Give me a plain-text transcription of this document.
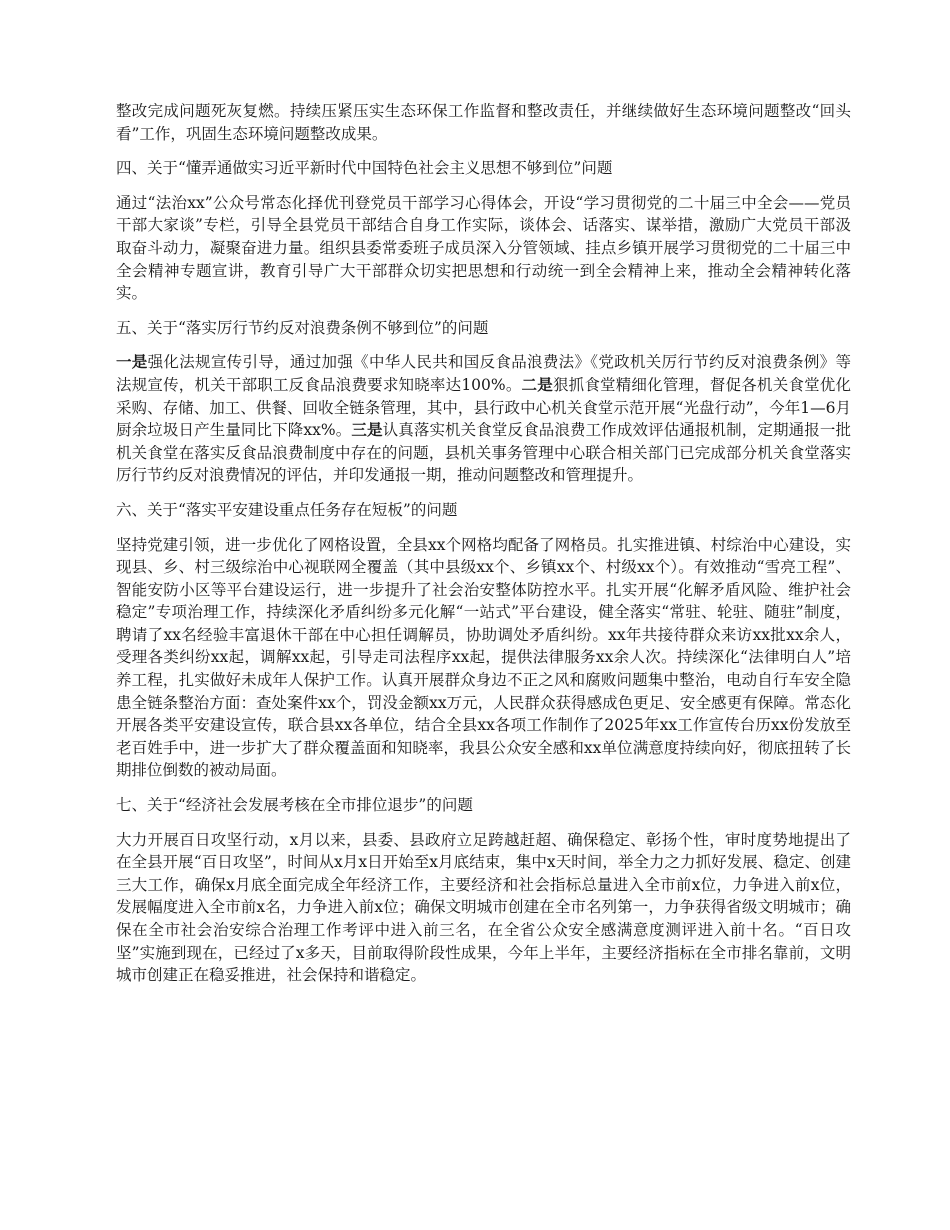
整改完成问题死灰复燃。持续压紧压实生态环保工作监督和整改责任，并继续做好生态环境问题整改“回头看”工作，巩固生态环境问题整改成果。

四、关于“懂弄通做实习近平新时代中国特色社会主义思想不够到位”问题

通过“法治xx”公众号常态化择优刊登党员干部学习心得体会，开设“学习贯彻党的二十届三中全会——党员干部大家谈”专栏，引导全县党员干部结合自身工作实际，谈体会、话落实、谋举措，激励广大党员干部汲取奋斗动力，凝聚奋进力量。组织县委常委班子成员深入分管领域、挂点乡镇开展学习贯彻党的二十届三中全会精神专题宣讲，教育引导广大干部群众切实把思想和行动统一到全会精神上来，推动全会精神转化落实。

五、关于“落实厉行节约反对浪费条例不够到位”的问题

一是强化法规宣传引导，通过加强《中华人民共和国反食品浪费法》《党政机关厉行节约反对浪费条例》等法规宣传，机关干部职工反食品浪费要求知晓率达100%。二是狠抓食堂精细化管理，督促各机关食堂优化采购、存储、加工、供餐、回收全链条管理，其中，县行政中心机关食堂示范开展“光盘行动”，今年1—6月厨余垃圾日产生量同比下降xx%。三是认真落实机关食堂反食品浪费工作成效评估通报机制，定期通报一批机关食堂在落实反食品浪费制度中存在的问题，县机关事务管理中心联合相关部门已完成部分机关食堂落实厉行节约反对浪费情况的评估，并印发通报一期，推动问题整改和管理提升。

六、关于“落实平安建设重点任务存在短板”的问题

坚持党建引领，进一步优化了网格设置，全县xx个网格均配备了网格员。扎实推进镇、村综治中心建设，实现县、乡、村三级综治中心视联网全覆盖（其中县级xx个、乡镇xx个、村级xx个）。有效推动“雪亮工程”、智能安防小区等平台建设运行，进一步提升了社会治安整体防控水平。扎实开展“化解矛盾风险、维护社会稳定”专项治理工作，持续深化矛盾纠纷多元化解“一站式”平台建设，健全落实“常驻、轮驻、随驻”制度，聘请了xx名经验丰富退休干部在中心担任调解员，协助调处矛盾纠纷。xx年共接待群众来访xx批xx余人，受理各类纠纷xx起，调解xx起，引导走司法程序xx起，提供法律服务xx余人次。持续深化“法律明白人”培养工程，扎实做好未成年人保护工作。认真开展群众身边不正之风和腐败问题集中整治，电动自行车安全隐患全链条整治方面：查处案件xx个，罚没金额xx万元，人民群众获得感成色更足、安全感更有保障。常态化开展各类平安建设宣传，联合县xx各单位，结合全县xx各项工作制作了2025年xx工作宣传台历xx份发放至老百姓手中，进一步扩大了群众覆盖面和知晓率，我县公众安全感和xx单位满意度持续向好，彻底扭转了长期排位倒数的被动局面。

七、关于“经济社会发展考核在全市排位退步”的问题

大力开展百日攻坚行动，x月以来，县委、县政府立足跨越赶超、确保稳定、彰扬个性，审时度势地提出了在全县开展“百日攻坚”，时间从x月x日开始至x月底结束，集中x天时间，举全力之力抓好发展、稳定、创建三大工作，确保x月底全面完成全年经济工作，主要经济和社会指标总量进入全市前x位，力争进入前x位，发展幅度进入全市前x名，力争进入前x位；确保文明城市创建在全市名列第一，力争获得省级文明城市；确保在全市社会治安综合治理工作考评中进入前三名，在全省公众安全感满意度测评进入前十名。“百日攻坚”实施到现在，已经过了x多天，目前取得阶段性成果，今年上半年，主要经济指标在全市排名靠前，文明城市创建正在稳妥推进，社会保持和谐稳定。
